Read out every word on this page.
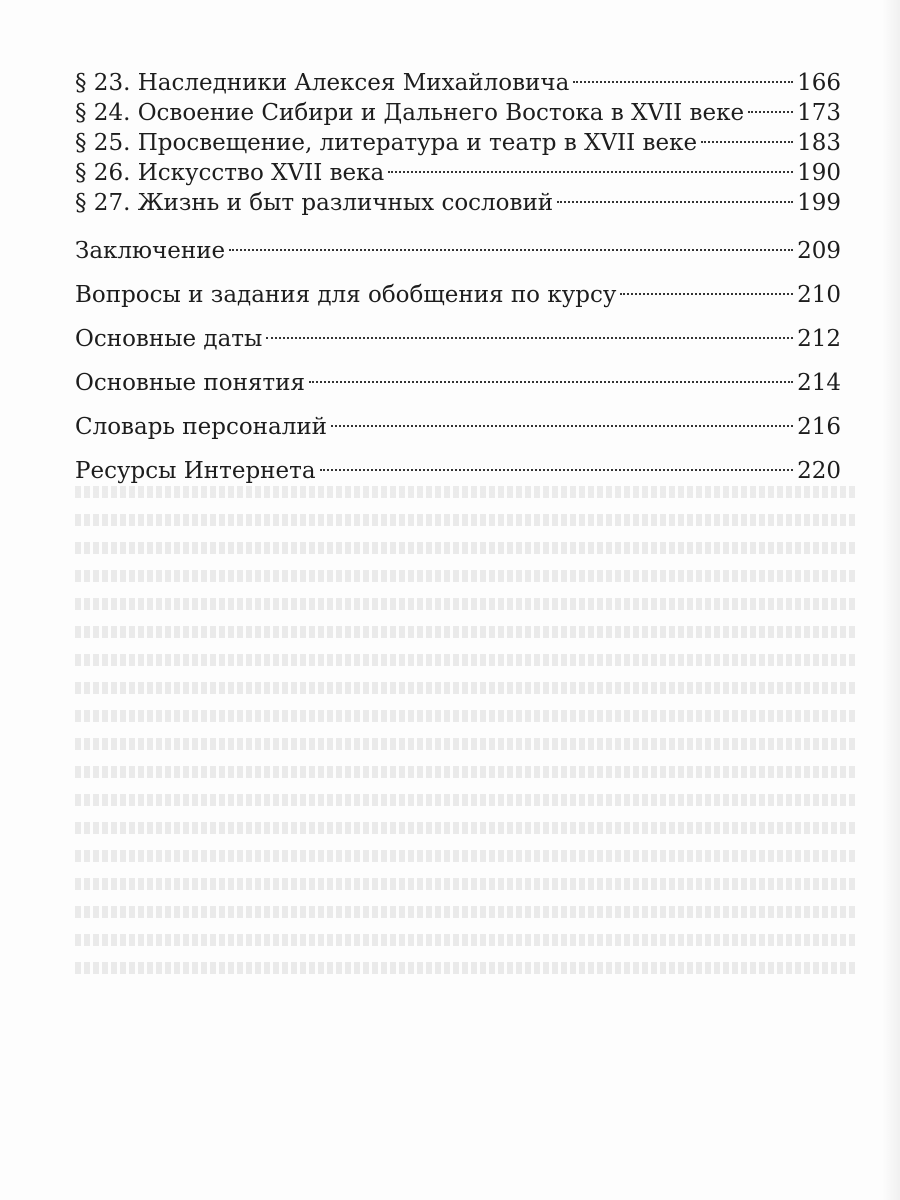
§ 23. Наследники Алексея Михайловича	166
§ 24. Освоение Сибири и Дальнего Востока в XVII веке 173
§ 25. Просвещение, литература и театр в XVII веке	183
§ 26. Искусство XVII века	190
§ 27. Жизнь и быт различных сословий	199
Заключение	209
Вопросы и задания для обобщения по курсу	210
Основные даты	212
Основные понятия	214
Словарь персоналий	216
Ресурсы Интернета	220
